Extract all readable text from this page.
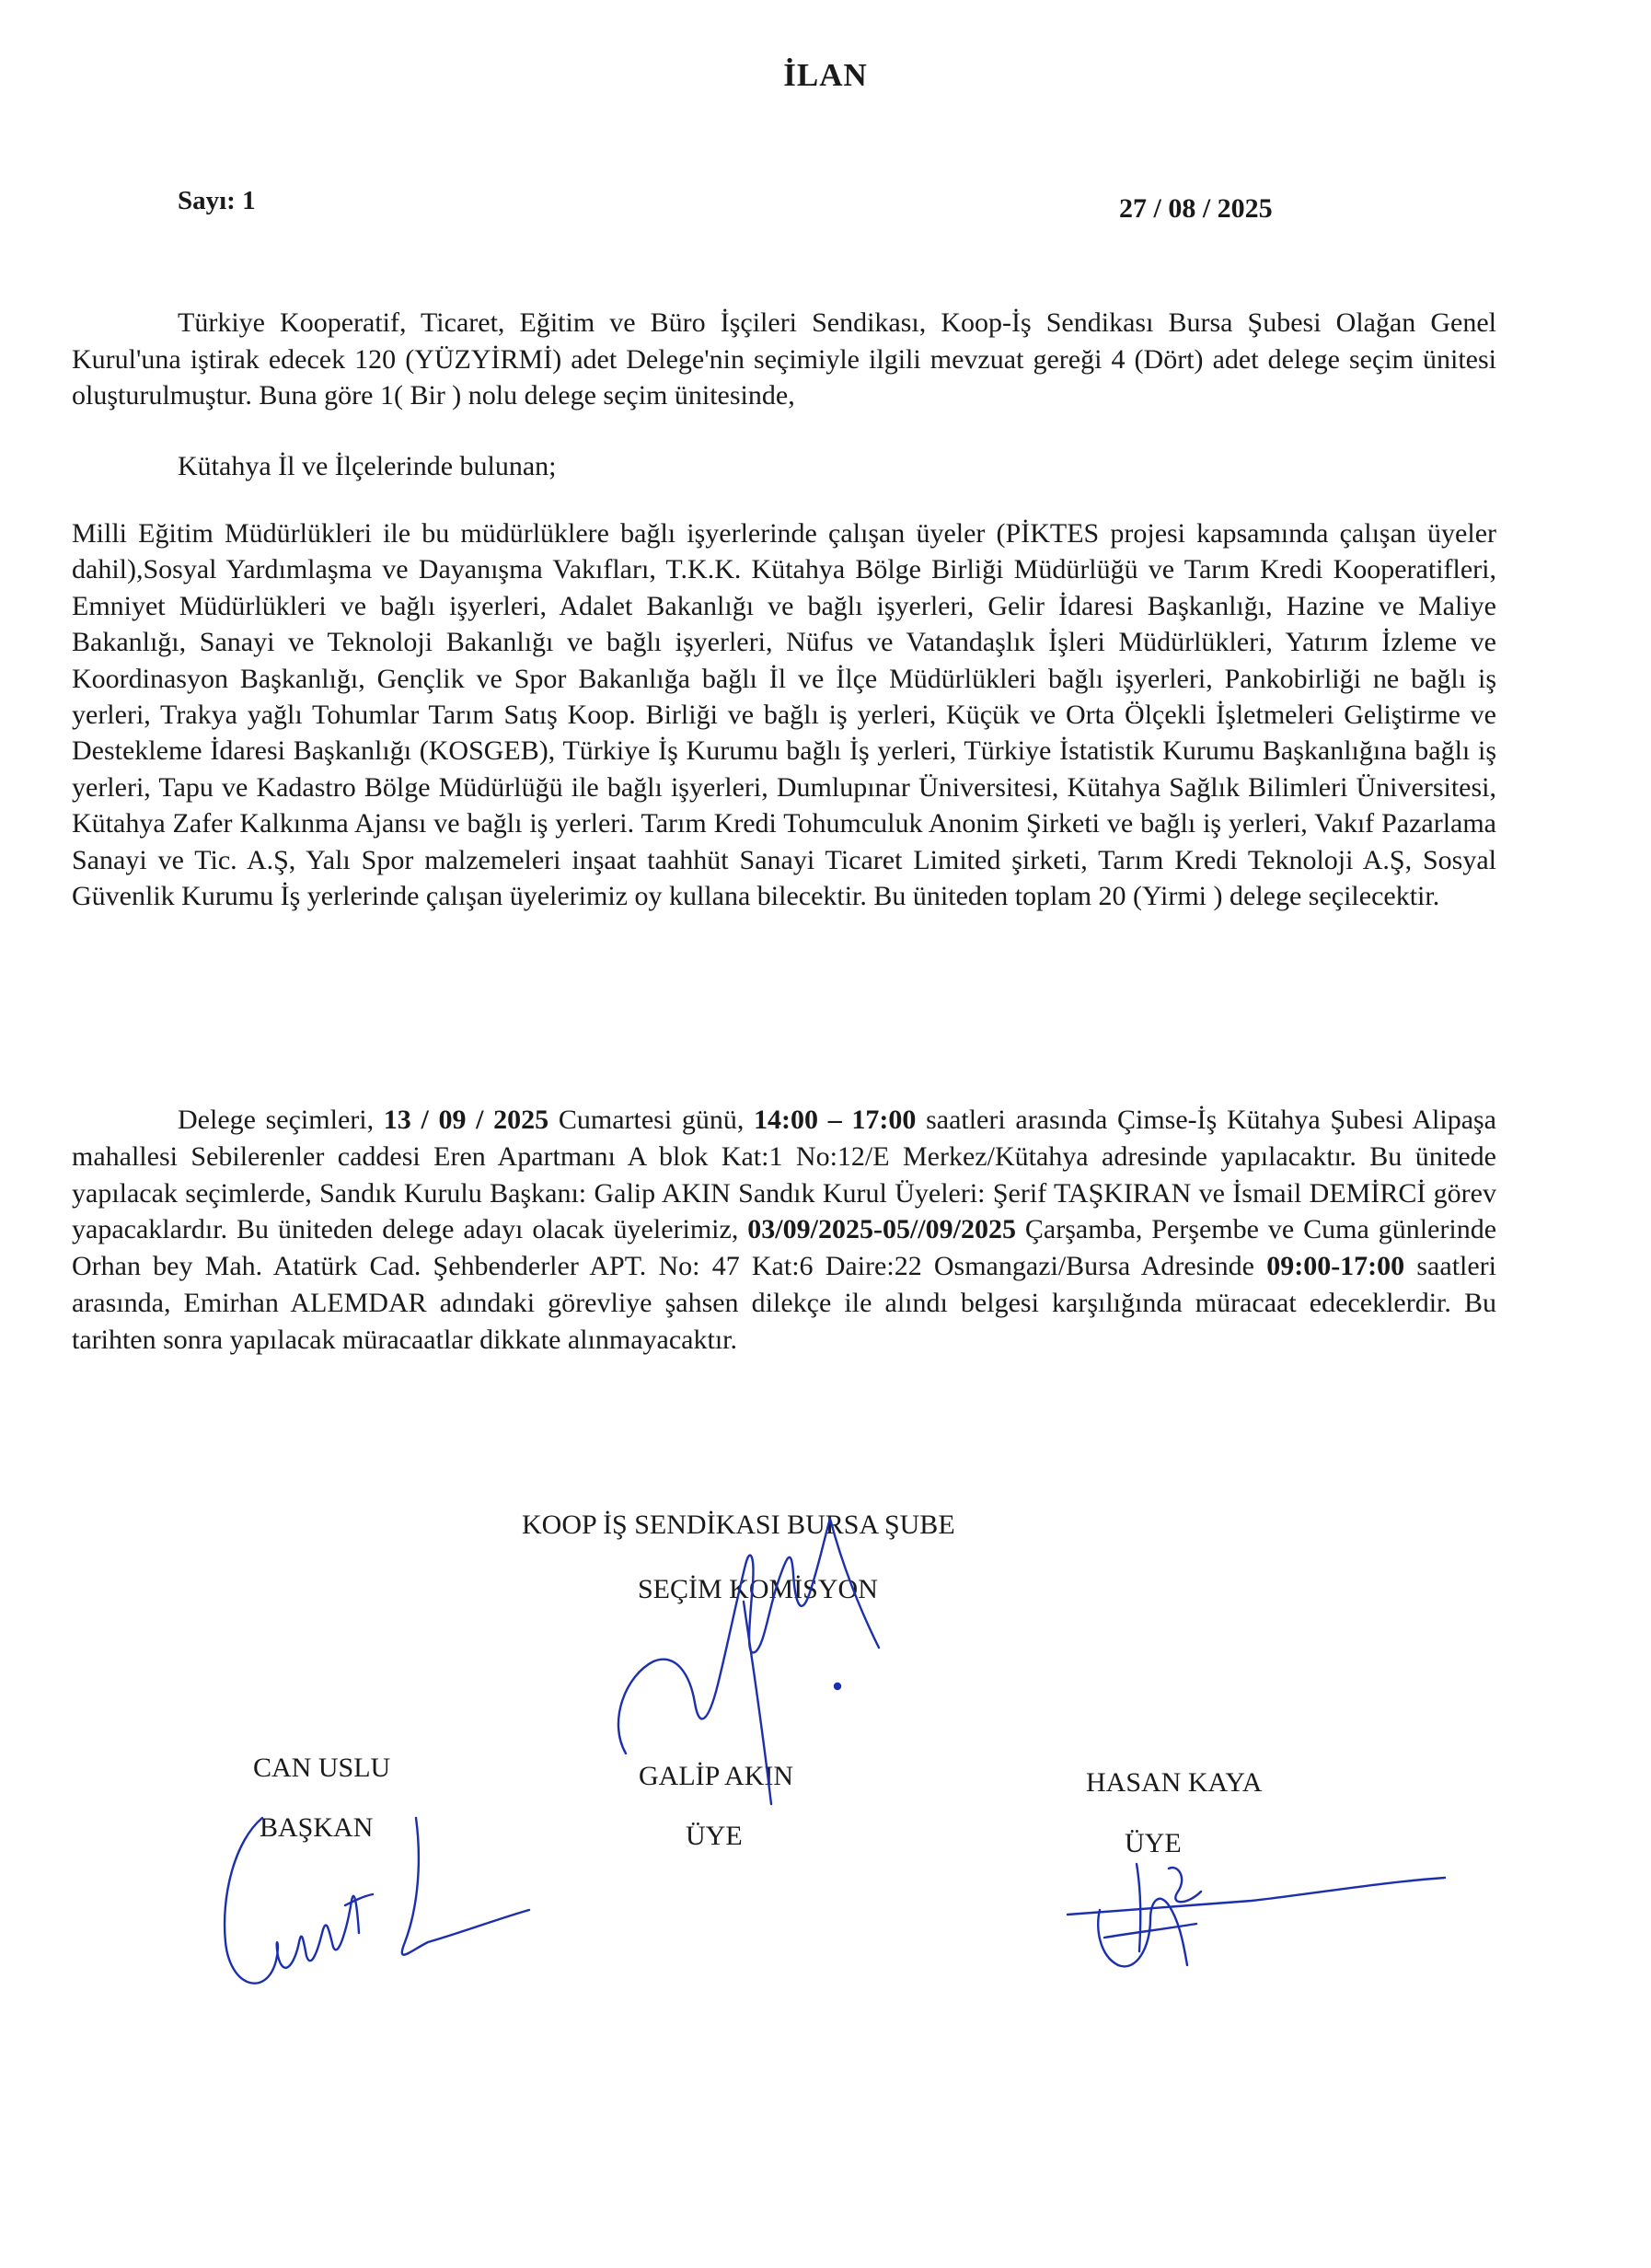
İLAN
Sayı: 1	27 / 08 / 2025

Türkiye Kooperatif, Ticaret, Eğitim ve Büro İşçileri Sendikası, Koop-İş Sendikası Bursa Şubesi Olağan Genel Kurul'una iştirak edecek 120 (YÜZYİRMİ) adet Delege'nin seçimiyle ilgili mevzuat gereği 4 (Dört) adet delege seçim ünitesi oluşturulmuştur. Buna göre 1( Bir ) nolu delege seçim ünitesinde,

Kütahya İl ve İlçelerinde bulunan;

Milli Eğitim Müdürlükleri ile bu müdürlüklere bağlı işyerlerinde çalışan üyeler (PİKTES projesi kapsamında çalışan üyeler dahil),Sosyal Yardımlaşma ve Dayanışma Vakıfları, T.K.K. Kütahya Bölge Birliği Müdürlüğü ve Tarım Kredi Kooperatifleri, Emniyet Müdürlükleri ve bağlı işyerleri, Adalet Bakanlığı ve bağlı işyerleri, Gelir İdaresi Başkanlığı, Hazine ve Maliye Bakanlığı, Sanayi ve Teknoloji Bakanlığı ve bağlı işyerleri, Nüfus ve Vatandaşlık İşleri Müdürlükleri, Yatırım İzleme ve Koordinasyon Başkanlığı, Gençlik ve Spor Bakanlığa bağlı İl ve İlçe Müdürlükleri bağlı işyerleri, Pankobirliği ne bağlı iş yerleri, Trakya yağlı Tohumlar Tarım Satış Koop. Birliği ve bağlı iş yerleri, Küçük ve Orta Ölçekli İşletmeleri Geliştirme ve Destekleme İdaresi Başkanlığı (KOSGEB), Türkiye İş Kurumu bağlı İş yerleri, Türkiye İstatistik Kurumu Başkanlığına bağlı iş yerleri, Tapu ve Kadastro Bölge Müdürlüğü ile bağlı işyerleri, Dumlupınar Üniversitesi, Kütahya Sağlık Bilimleri Üniversitesi, Kütahya Zafer Kalkınma Ajansı ve bağlı iş yerleri. Tarım Kredi Tohumculuk Anonim Şirketi ve bağlı iş yerleri, Vakıf Pazarlama Sanayi ve Tic. A.Ş, Yalı Spor malzemeleri inşaat taahhüt Sanayi Ticaret Limited şirketi, Tarım Kredi Teknoloji A.Ş, Sosyal Güvenlik Kurumu İş yerlerinde çalışan üyelerimiz oy kullana bilecektir. Bu üniteden toplam 20 (Yirmi ) delege seçilecektir.

Delege seçimleri, 13 / 09 / 2025 Cumartesi günü, 14:00 – 17:00 saatleri arasında Çimse-İş Kütahya Şubesi Alipaşa mahallesi Sebilerenler caddesi Eren Apartmanı A blok Kat:1 No:12/E Merkez/Kütahya adresinde yapılacaktır. Bu ünitede yapılacak seçimlerde, Sandık Kurulu Başkanı: Galip AKIN Sandık Kurul Üyeleri: Şerif TAŞKIRAN ve İsmail DEMİRCİ görev yapacaklardır. Bu üniteden delege adayı olacak üyelerimiz, 03/09/2025-05//09/2025 Çarşamba, Perşembe ve Cuma günlerinde Orhan bey Mah. Atatürk Cad. Şehbenderler APT. No: 47 Kat:6 Daire:22 Osmangazi/Bursa Adresinde 09:00-17:00 saatleri arasında, Emirhan ALEMDAR adındaki görevliye şahsen dilekçe ile alındı belgesi karşılığında müracaat edeceklerdir. Bu tarihten sonra yapılacak müracaatlar dikkate alınmayacaktır.

KOOP İŞ SENDİKASI BURSA ŞUBE
SEÇİM KOMİSYON
CAN USLU
BAŞKAN
GALİP AKIN
ÜYE
HASAN KAYA
ÜYE
